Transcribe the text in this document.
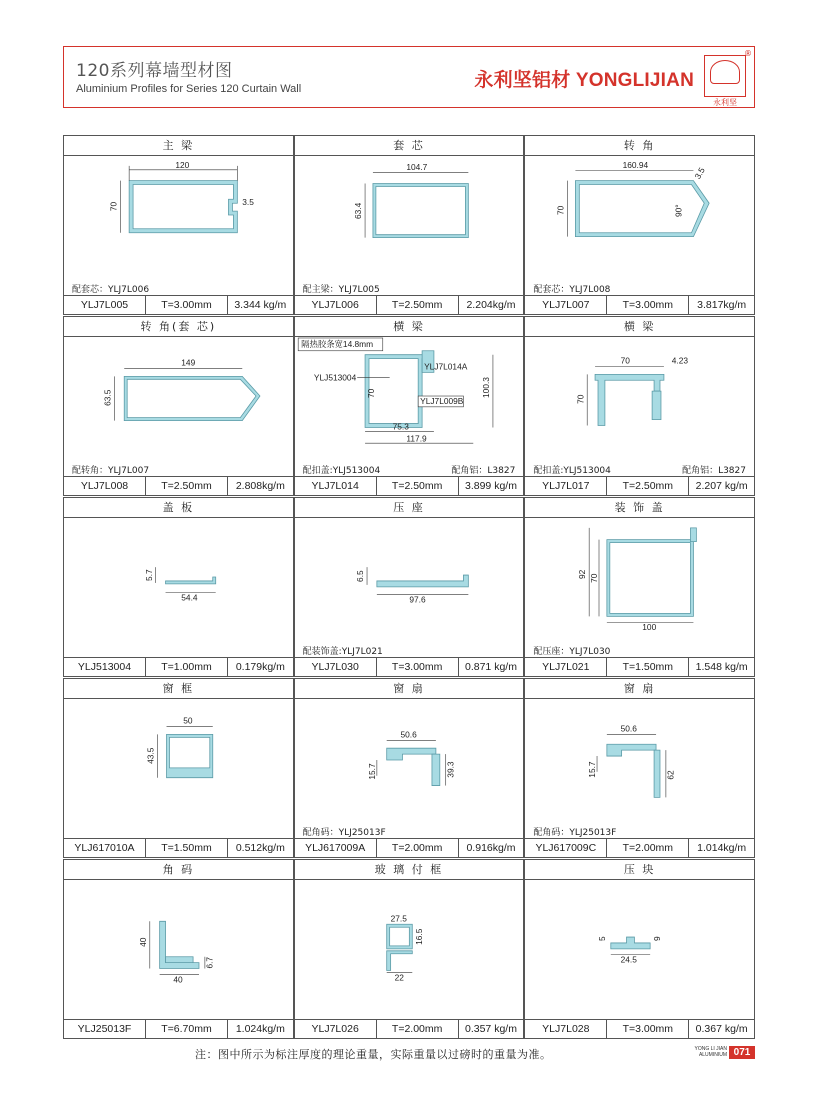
120系列幕墙型材图
Aluminium Profiles for Series 120 Curtain Wall	永利坚铝材 YONGLIJIAN
永利坚
®
主 梁
120
3.5
70
配套芯：YLJ7L006
YLJ7L005	T=3.00mm	3.344 kg/m
套 芯
104.7
63.4
配主梁：YLJ7L005
YLJ7L006	T=2.50mm	2.204kg/m
转 角
160.94
3.5
70	90°
配套芯：YLJ7L008
YLJ7L007	T=3.00mm	3.817kg/m
转 角(套 芯)
149
63.5
配转角：YLJ7L007
YLJ7L008	T=2.50mm	2.808kg/m
横 梁
隔热胶条宽14.8mm
YLJ7L014A
YLJ513004
70	100.3
YLJ7L009B
75.3
117.9
配扣盖:YLJ513004	配角铝：L3827
YLJ7L014	T=2.50mm	3.899 kg/m
横 梁
70	4.23
70
配扣盖:YLJ513004	配角铝：L3827
YLJ7L017	T=2.50mm	2.207 kg/m
盖 板
5.7
54.4
YLJ513004	T=1.00mm	0.179kg/m
压 座
6.5
97.6
配装饰盖:YLJ7L021
YLJ7L030	T=3.00mm	0.871 kg/m
装 饰 盖
92 70
100
配压座：YLJ7L030
YLJ7L021	T=1.50mm	1.548 kg/m
窗 框
50
43.5
YLJ617010A	T=1.50mm	0.512kg/m
窗 扇
50.6
15.7	39.3
配角码：YLJ25013F
YLJ617009A	T=2.00mm	0.916kg/m
窗 扇
50.6
15.7	62
配角码：YLJ25013F
YLJ617009C	T=2.00mm	1.014kg/m
角 码
40
6.7
40
YLJ25013F	T=6.70mm	1.024kg/m
玻 璃 付 框
27.5
16.5
22
YLJ7L026	T=2.00mm	0.357 kg/m
压 块
5	9
24.5
YLJ7L028	T=3.00mm	0.367 kg/m
注：图中所示为标注厚度的理论重量，实际重量以过磅时的重量为准。	YONG LI JIAN
ALUMINIUM 071
